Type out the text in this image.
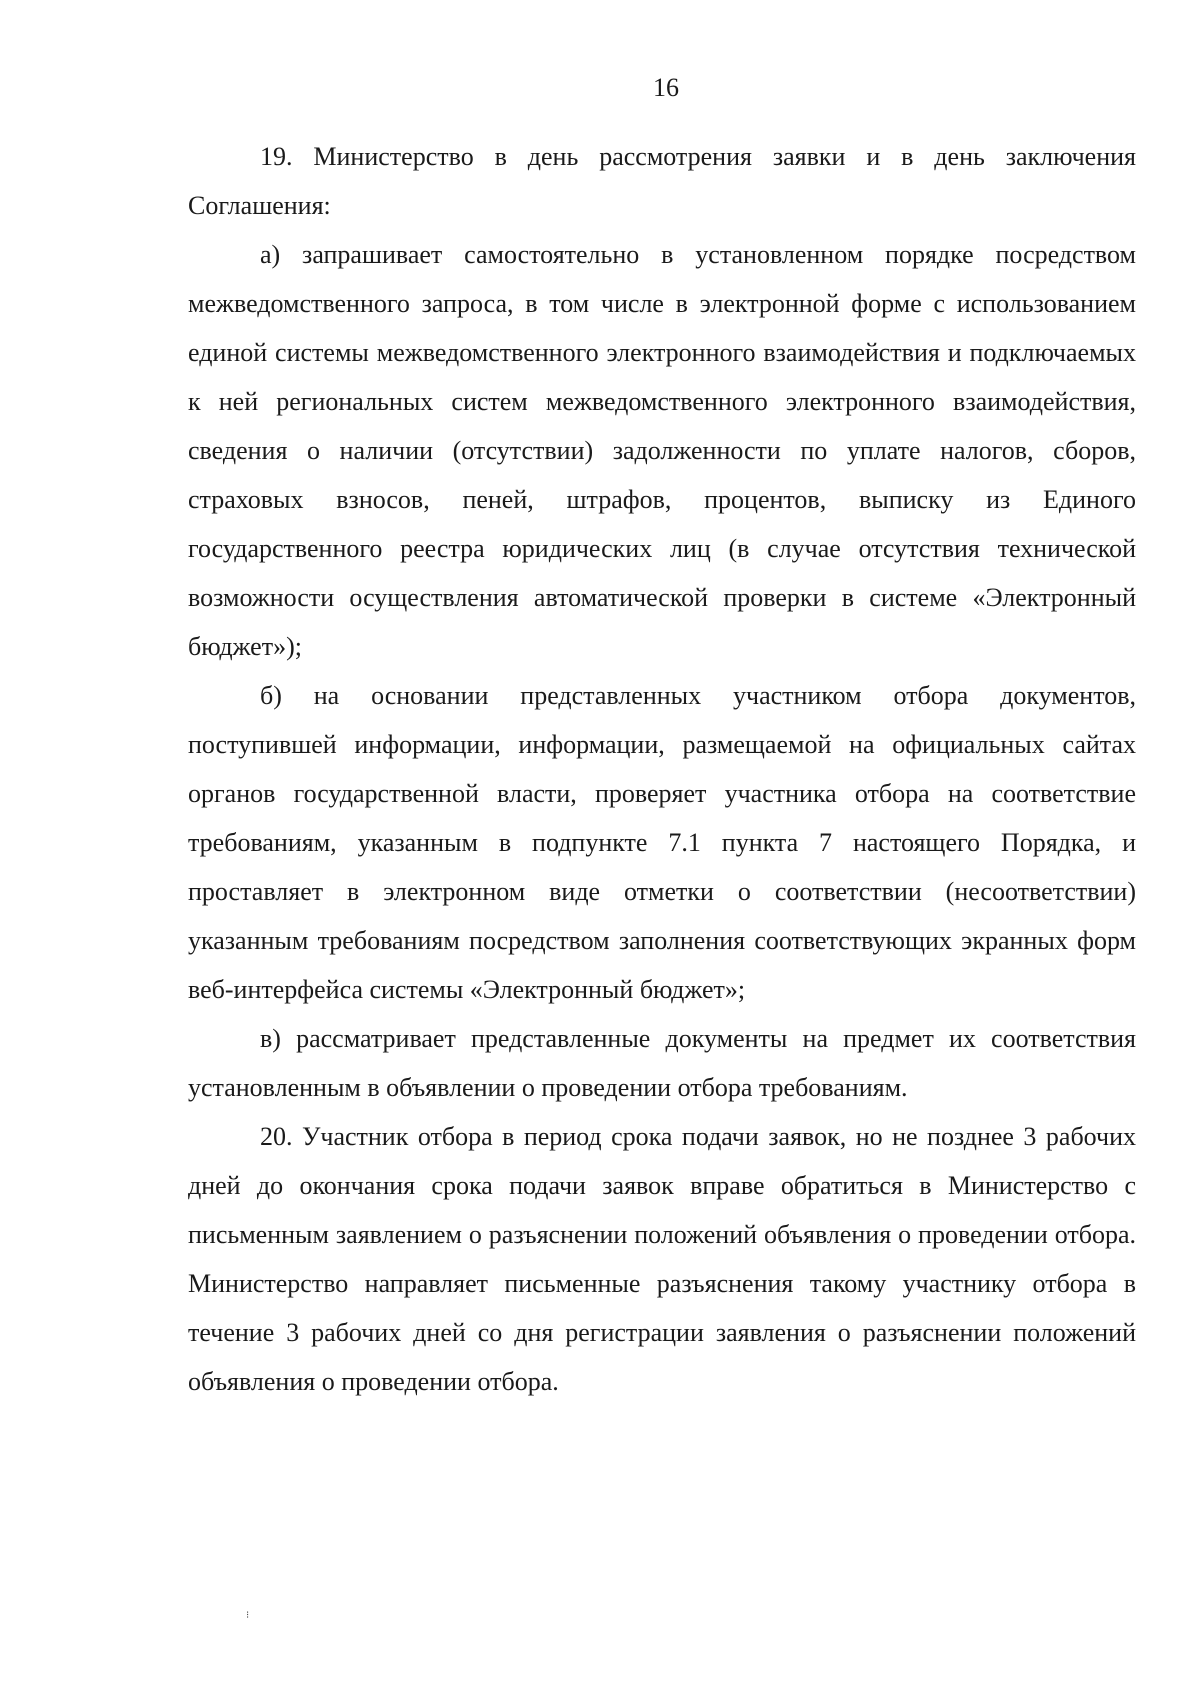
16

19. Министерство в день рассмотрения заявки и в день заключения Соглашения:

а) запрашивает самостоятельно в установленном порядке посредством межведомственного запроса, в том числе в электронной форме с использованием единой системы межведомственного электронного взаимодействия и подключаемых к ней региональных систем межведомственного электронного взаимодействия, сведения о наличии (отсутствии) задолженности по уплате налогов, сборов, страховых взносов, пеней, штрафов, процентов, выписку из Единого государственного реестра юридических лиц (в случае отсутствия технической возможности осуществления автоматической проверки в системе «Электронный бюджет»);

б) на основании представленных участником отбора документов, поступившей информации, информации, размещаемой на официальных сайтах органов государственной власти, проверяет участника отбора на соответствие требованиям, указанным в подпункте 7.1 пункта 7 настоящего Порядка, и проставляет в электронном виде отметки о соответствии (несоответствии) указанным требованиям посредством заполнения соответствующих экранных форм веб-интерфейса системы «Электронный бюджет»;

в) рассматривает представленные документы на предмет их соответствия установленным в объявлении о проведении отбора требованиям.

20. Участник отбора в период срока подачи заявок, но не позднее 3 рабочих дней до окончания срока подачи заявок вправе обратиться в Министерство с письменным заявлением о разъяснении положений объявления о проведении отбора. Министерство направляет письменные разъяснения такому участнику отбора в течение 3 рабочих дней со дня регистрации заявления о разъяснении положений объявления о проведении отбора.

⁝
